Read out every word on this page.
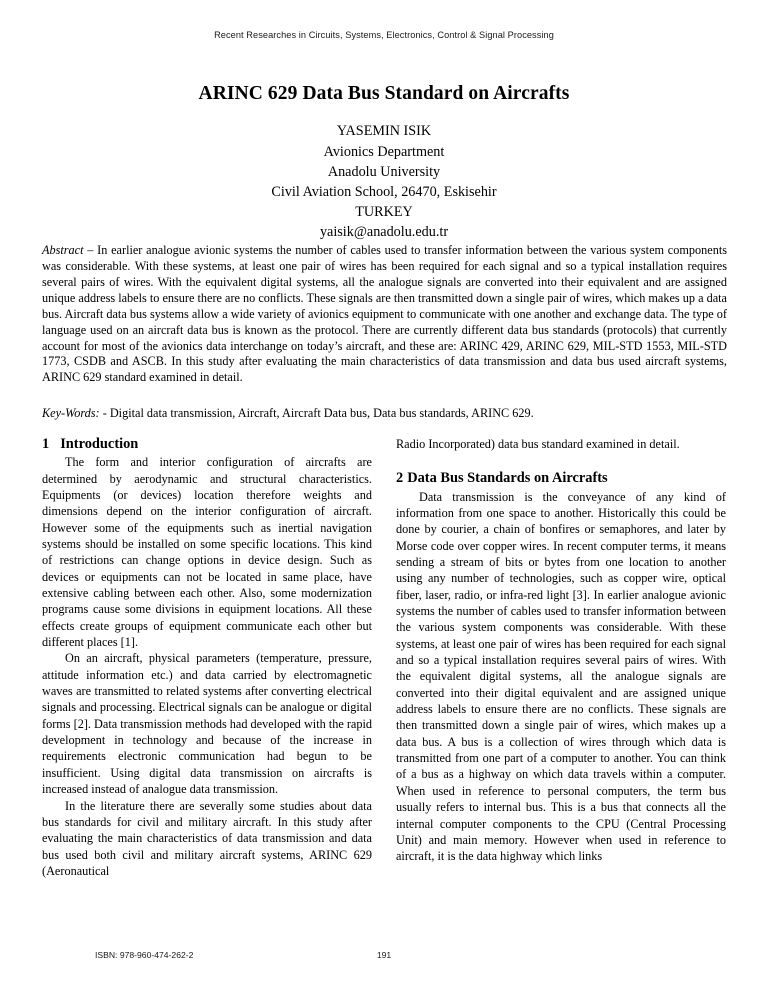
Recent Researches in Circuits, Systems, Electronics, Control & Signal Processing
ARINC 629 Data Bus Standard on Aircrafts
YASEMIN ISIK
Avionics Department
Anadolu University
Civil Aviation School, 26470, Eskisehir
TURKEY
yaisik@anadolu.edu.tr
Abstract – In earlier analogue avionic systems the number of cables used to transfer information between the various system components was considerable. With these systems, at least one pair of wires has been required for each signal and so a typical installation requires several pairs of wires. With the equivalent digital systems, all the analogue signals are converted into their equivalent and are assigned unique address labels to ensure there are no conflicts. These signals are then transmitted down a single pair of wires, which makes up a data bus. Aircraft data bus systems allow a wide variety of avionics equipment to communicate with one another and exchange data. The type of language used on an aircraft data bus is known as the protocol. There are currently different data bus standards (protocols) that currently account for most of the avionics data interchange on today’s aircraft, and these are: ARINC 429, ARINC 629, MIL-STD 1553, MIL-STD 1773, CSDB and ASCB. In this study after evaluating the main characteristics of data transmission and data bus used aircraft systems, ARINC 629 standard examined in detail.
Key-Words: - Digital data transmission, Aircraft, Aircraft Data bus, Data bus standards, ARINC 629.
1 Introduction

The form and interior configuration of aircrafts are determined by aerodynamic and structural characteristics. Equipments (or devices) location therefore weights and dimensions depend on the interior configuration of aircraft. However some of the equipments such as inertial navigation systems should be installed on some specific locations. This kind of restrictions can change options in device design. Such as devices or equipments can not be located in same place, have extensive cabling between each other. Also, some modernization programs cause some divisions in equipment locations. All these effects create groups of equipment communicate each other but different places [1].

On an aircraft, physical parameters (temperature, pressure, attitude information etc.) and data carried by electromagnetic waves are transmitted to related systems after converting electrical signals and processing. Electrical signals can be analogue or digital forms [2]. Data transmission methods had developed with the rapid development in technology and because of the increase in requirements electronic communication had begun to be insufficient. Using digital data transmission on aircrafts is increased instead of analogue data transmission.

In the literature there are severally some studies about data bus standards for civil and military aircraft. In this study after evaluating the main characteristics of data transmission and data bus used both civil and military aircraft systems, ARINC 629 (Aeronautical

Radio Incorporated) data bus standard examined in detail.

2 Data Bus Standards on Aircrafts

Data transmission is the conveyance of any kind of information from one space to another. Historically this could be done by courier, a chain of bonfires or semaphores, and later by Morse code over copper wires. In recent computer terms, it means sending a stream of bits or bytes from one location to another using any number of technologies, such as copper wire, optical fiber, laser, radio, or infra-red light [3]. In earlier analogue avionic systems the number of cables used to transfer information between the various system components was considerable. With these systems, at least one pair of wires has been required for each signal and so a typical installation requires several pairs of wires. With the equivalent digital systems, all the analogue signals are converted into their digital equivalent and are assigned unique address labels to ensure there are no conflicts. These signals are then transmitted down a single pair of wires, which makes up a data bus. A bus is a collection of wires through which data is transmitted from one part of a computer to another. You can think of a bus as a highway on which data travels within a computer. When used in reference to personal computers, the term bus usually refers to internal bus. This is a bus that connects all the internal computer components to the CPU (Central Processing Unit) and main memory. However when used in reference to aircraft, it is the data highway which links

ISBN: 978-960-474-262-2	191
